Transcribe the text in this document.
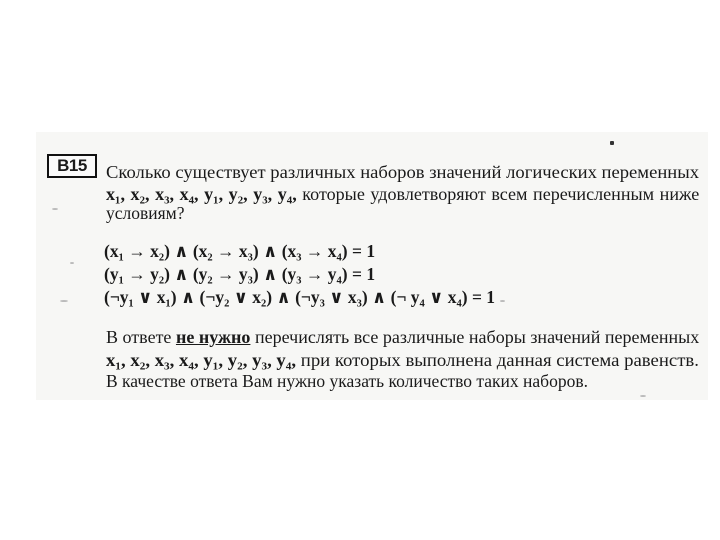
B15 Сколько существует различных наборов значений логических переменных
x₁, x₂, x₃, x₄, y₁, y₂, y₃, y₄, которые удовлетворяют всем перечисленным ниже
условиям?
(x₁ → x₂) ∧ (x₂ → x₃) ∧ (x₃ → x₄) = 1
(y₁ → y₂) ∧ (y₂ → y₃) ∧ (y₃ → y₄) = 1
(¬y₁ ∨ x₁) ∧ (¬y₂ ∨ x₂) ∧ (¬y₃ ∨ x₃) ∧ (¬ y₄ ∨ x₄) = 1
В ответе не нужно перечислять все различные наборы значений переменных
x₁, x₂, x₃, x₄, y₁, y₂, y₃, y₄, при которых выполнена данная система равенств.
В качестве ответа Вам нужно указать количество таких наборов.
